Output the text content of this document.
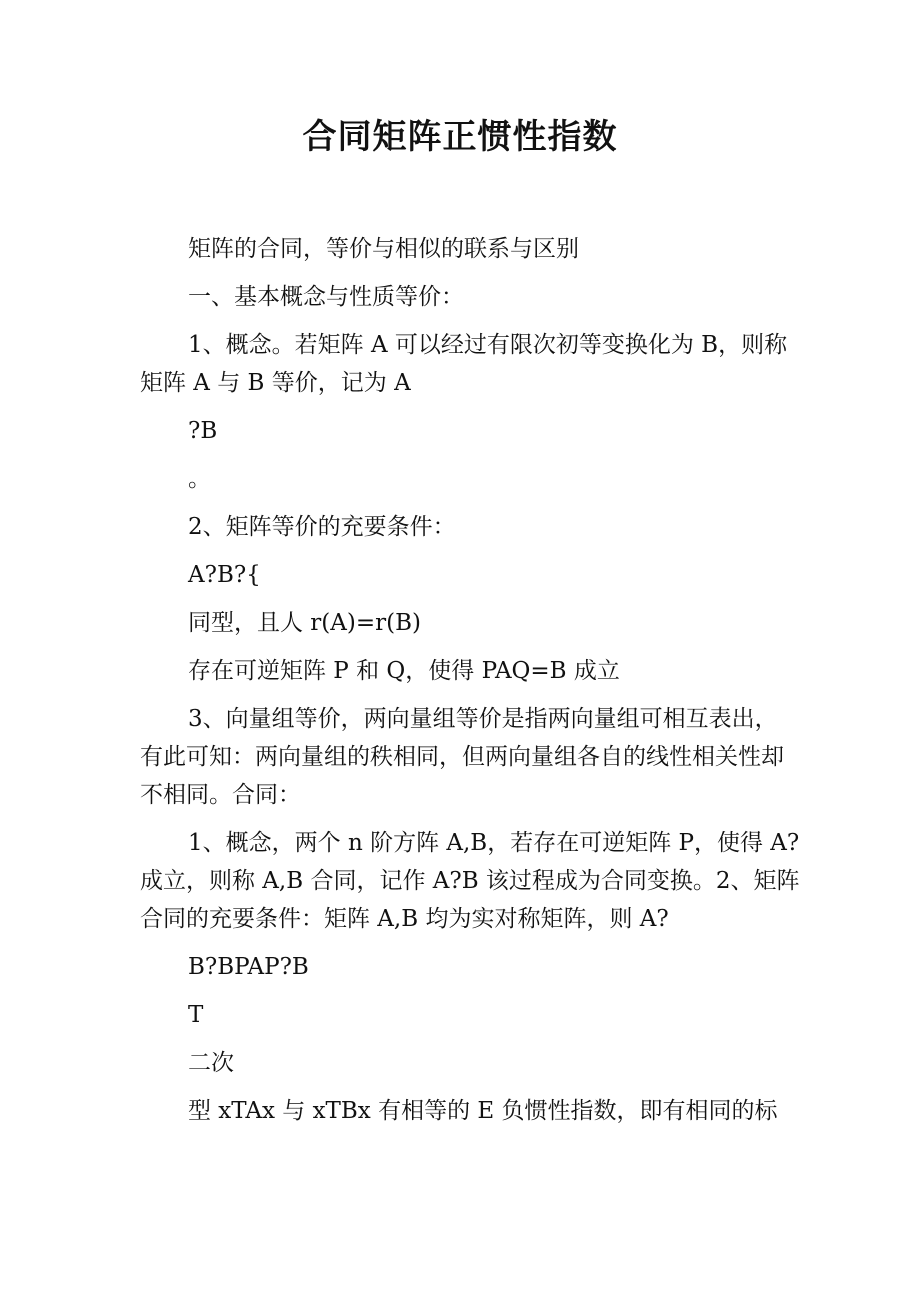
合同矩阵正惯性指数

矩阵的合同，等价与相似的联系与区别

一、基本概念与性质等价：

1、概念。若矩阵 A 可以经过有限次初等变换化为 B，则称矩阵 A 与 B 等价，记为 A

?B

。

2、矩阵等价的充要条件：

A?B?{

同型，且人 r(A)=r(B)

存在可逆矩阵 P 和 Q，使得 PAQ=B 成立

3、向量组等价，两向量组等价是指两向量组可相互表出，有此可知：两向量组的秩相同，但两向量组各自的线性相关性却不相同。合同：

1、概念，两个 n 阶方阵 A,B，若存在可逆矩阵 P，使得 A?成立，则称 A,B 合同，记作 A?B 该过程成为合同变换。2、矩阵合同的充要条件：矩阵 A,B 均为实对称矩阵，则 A?

B?BPAP?B

T

二次

型 xTAx 与 xTBx 有相等的 E 负惯性指数，即有相同的标
